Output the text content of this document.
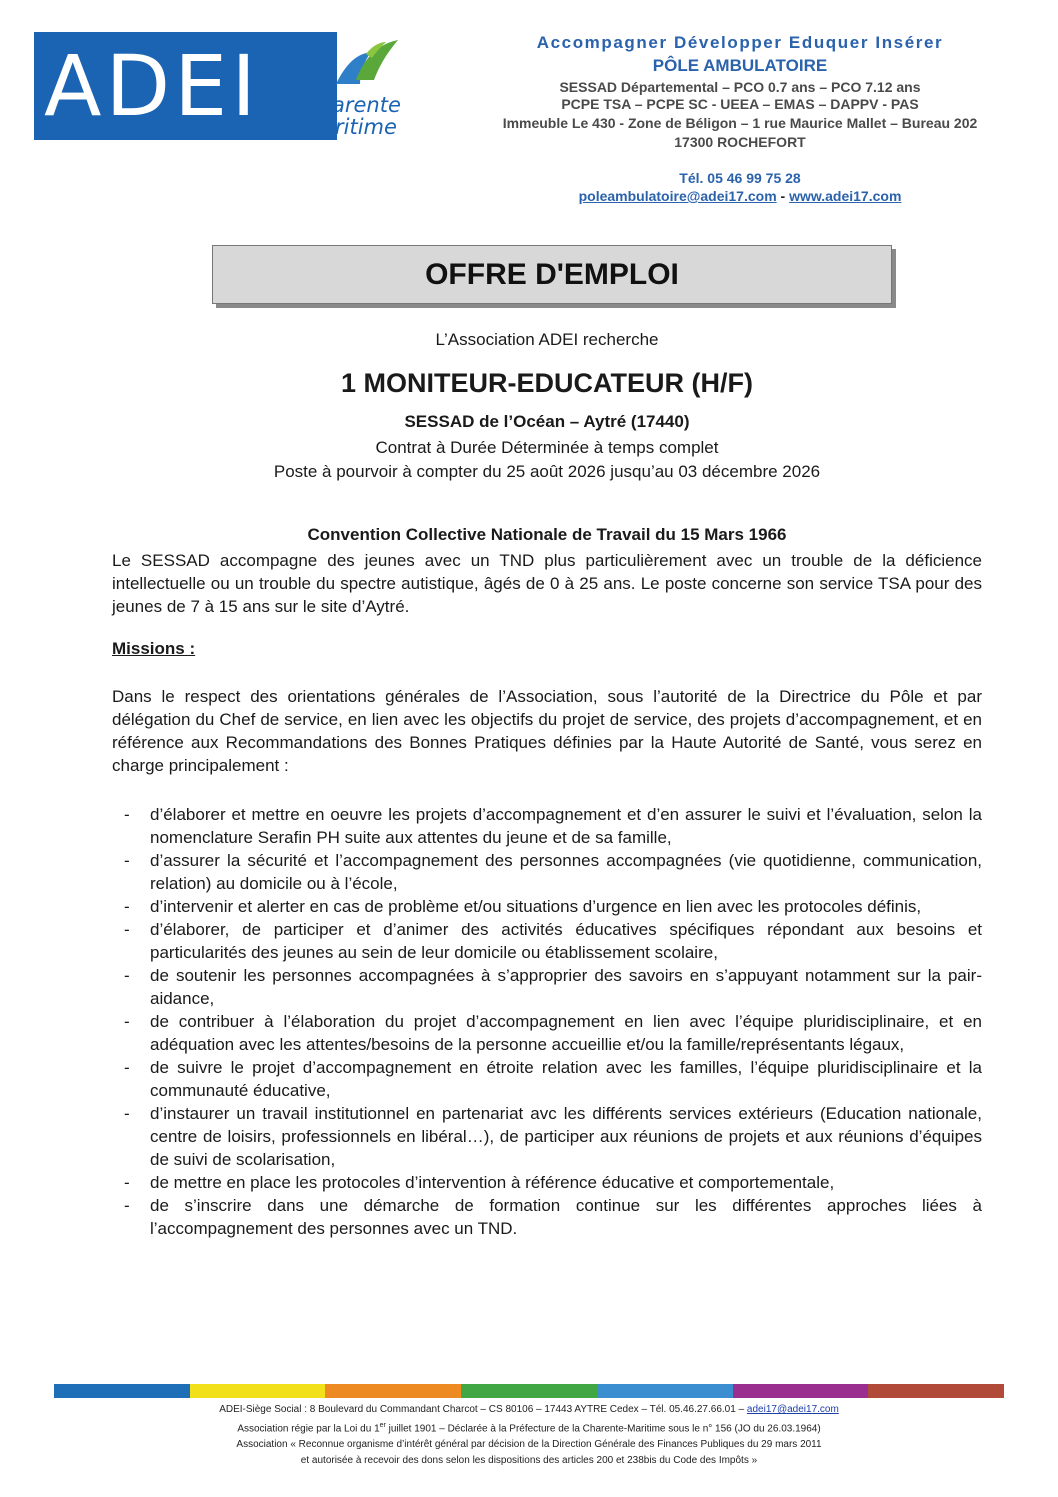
ADEI la
Charente
Maritime
Accompagner Développer Eduquer Insérer
PÔLE AMBULATOIRE
SESSAD Départemental – PCO 0.7 ans – PCO 7.12 ans
PCPE TSA – PCPE SC - UEEA – EMAS – DAPPV - PAS
Immeuble Le 430 - Zone de Béligon – 1 rue Maurice Mallet – Bureau 202
17300 ROCHEFORT
Tél. 05 46 99 75 28
poleambulatoire@adei17.com - www.adei17.com
OFFRE D'EMPLOI
L’Association ADEI recherche
1 MONITEUR-EDUCATEUR (H/F)
SESSAD de l’Océan – Aytré (17440)
Contrat à Durée Déterminée à temps complet
Poste à pourvoir à compter du 25 août 2026 jusqu’au 03 décembre 2026
Convention Collective Nationale de Travail du 15 Mars 1966
Le SESSAD accompagne des jeunes avec un TND plus particulièrement avec un trouble de la déficience intellectuelle ou un trouble du spectre autistique, âgés de 0 à 25 ans. Le poste concerne son service TSA pour des jeunes de 7 à 15 ans sur le site d’Aytré.
Missions :
Dans le respect des orientations générales de l’Association, sous l’autorité de la Directrice du Pôle et par délégation du Chef de service, en lien avec les objectifs du projet de service, des projets d’accompagnement, et en référence aux Recommandations des Bonnes Pratiques définies par la Haute Autorité de Santé, vous serez en charge principalement :
- d’élaborer et mettre en oeuvre les projets d’accompagnement et d’en assurer le suivi et l’évaluation, selon la nomenclature Serafin PH suite aux attentes du jeune et de sa famille,
- d’assurer la sécurité et l’accompagnement des personnes accompagnées (vie quotidienne, communication, relation) au domicile ou à l’école,
- d’intervenir et alerter en cas de problème et/ou situations d’urgence en lien avec les protocoles définis,
- d’élaborer, de participer et d’animer des activités éducatives spécifiques répondant aux besoins et particularités des jeunes au sein de leur domicile ou établissement scolaire,
- de soutenir les personnes accompagnées à s’approprier des savoirs en s’appuyant notamment sur la pair-aidance,
- de contribuer à l’élaboration du projet d’accompagnement en lien avec l’équipe pluridisciplinaire, et en adéquation avec les attentes/besoins de la personne accueillie et/ou la famille/représentants légaux,
- de suivre le projet d’accompagnement en étroite relation avec les familles, l’équipe pluridisciplinaire et la communauté éducative,
- d’instaurer un travail institutionnel en partenariat avc les différents services extérieurs (Education nationale, centre de loisirs, professionnels en libéral…), de participer aux réunions de projets et aux réunions d’équipes de suivi de scolarisation,
- de mettre en place les protocoles d’intervention à référence éducative et comportementale,
- de s’inscrire dans une démarche de formation continue sur les différentes approches liées à l’accompagnement des personnes avec un TND.
ADEI-Siège Social : 8 Boulevard du Commandant Charcot – CS 80106 – 17443 AYTRE Cedex – Tél. 05.46.27.66.01 – adei17@adei17.com
Association régie par la Loi du 1er juillet 1901 – Déclarée à la Préfecture de la Charente-Maritime sous le n° 156 (JO du 26.03.1964)
Association « Reconnue organisme d’intérêt général par décision de la Direction Générale des Finances Publiques du 29 mars 2011
et autorisée à recevoir des dons selon les dispositions des articles 200 et 238bis du Code des Impôts »
